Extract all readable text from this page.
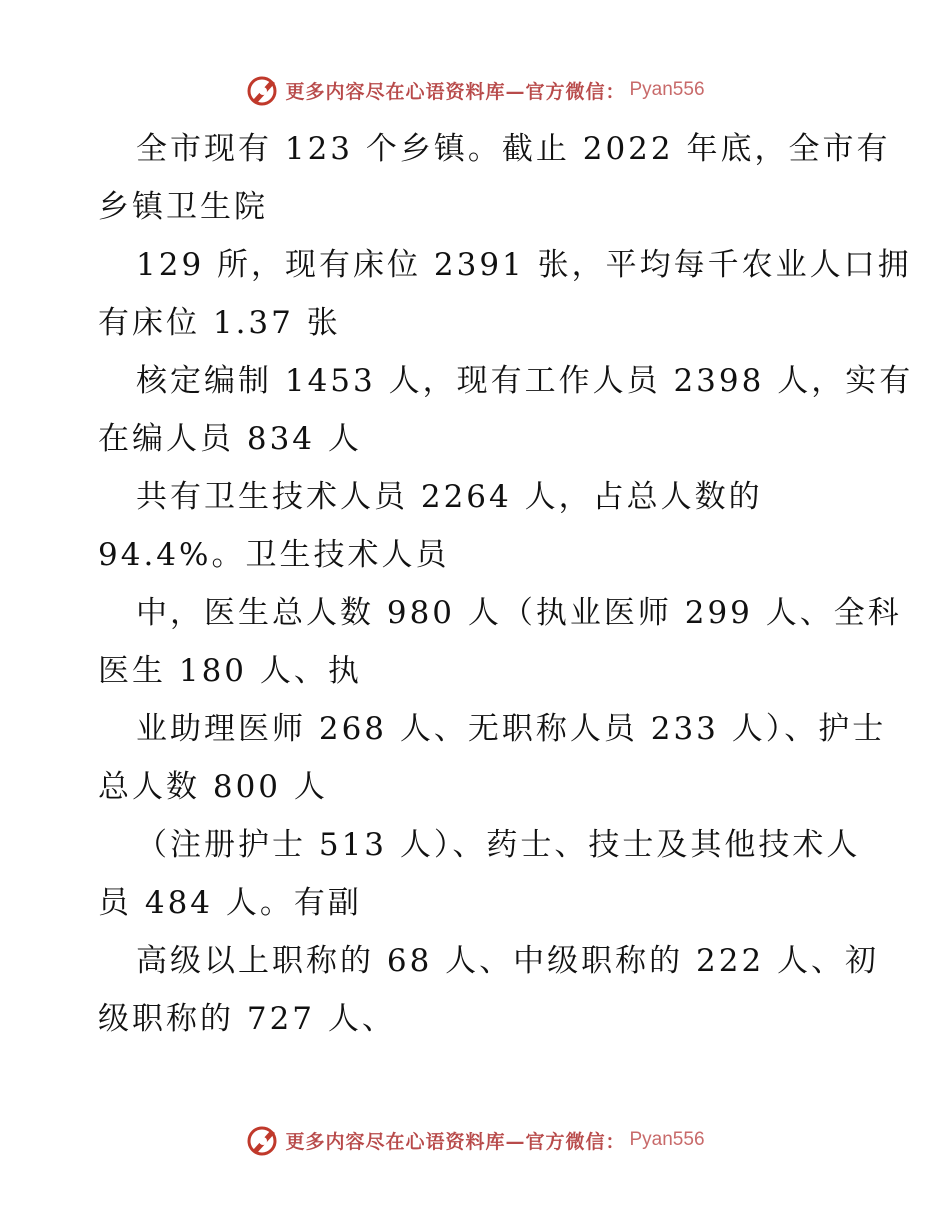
更多内容尽在心语资料库—官方微信： Pyan556

全市现有 123 个乡镇。截止 2022 年底，全市有

乡镇卫生院

129 所，现有床位 2391 张，平均每千农业人口拥

有床位 1.37 张

核定编制 1453 人，现有工作人员 2398 人，实有

在编人员 834 人

共有卫生技术人员 2264 人，占总人数的

94.4%。卫生技术人员

中，医生总人数 980 人（执业医师 299 人、全科

医生 180 人、执

业助理医师 268 人、无职称人员 233 人）、护士

总人数 800 人

（注册护士 513 人）、药士、技士及其他技术人

员 484 人。有副

高级以上职称的 68 人、中级职称的 222 人、初

级职称的 727 人、

更多内容尽在心语资料库—官方微信： Pyan556
